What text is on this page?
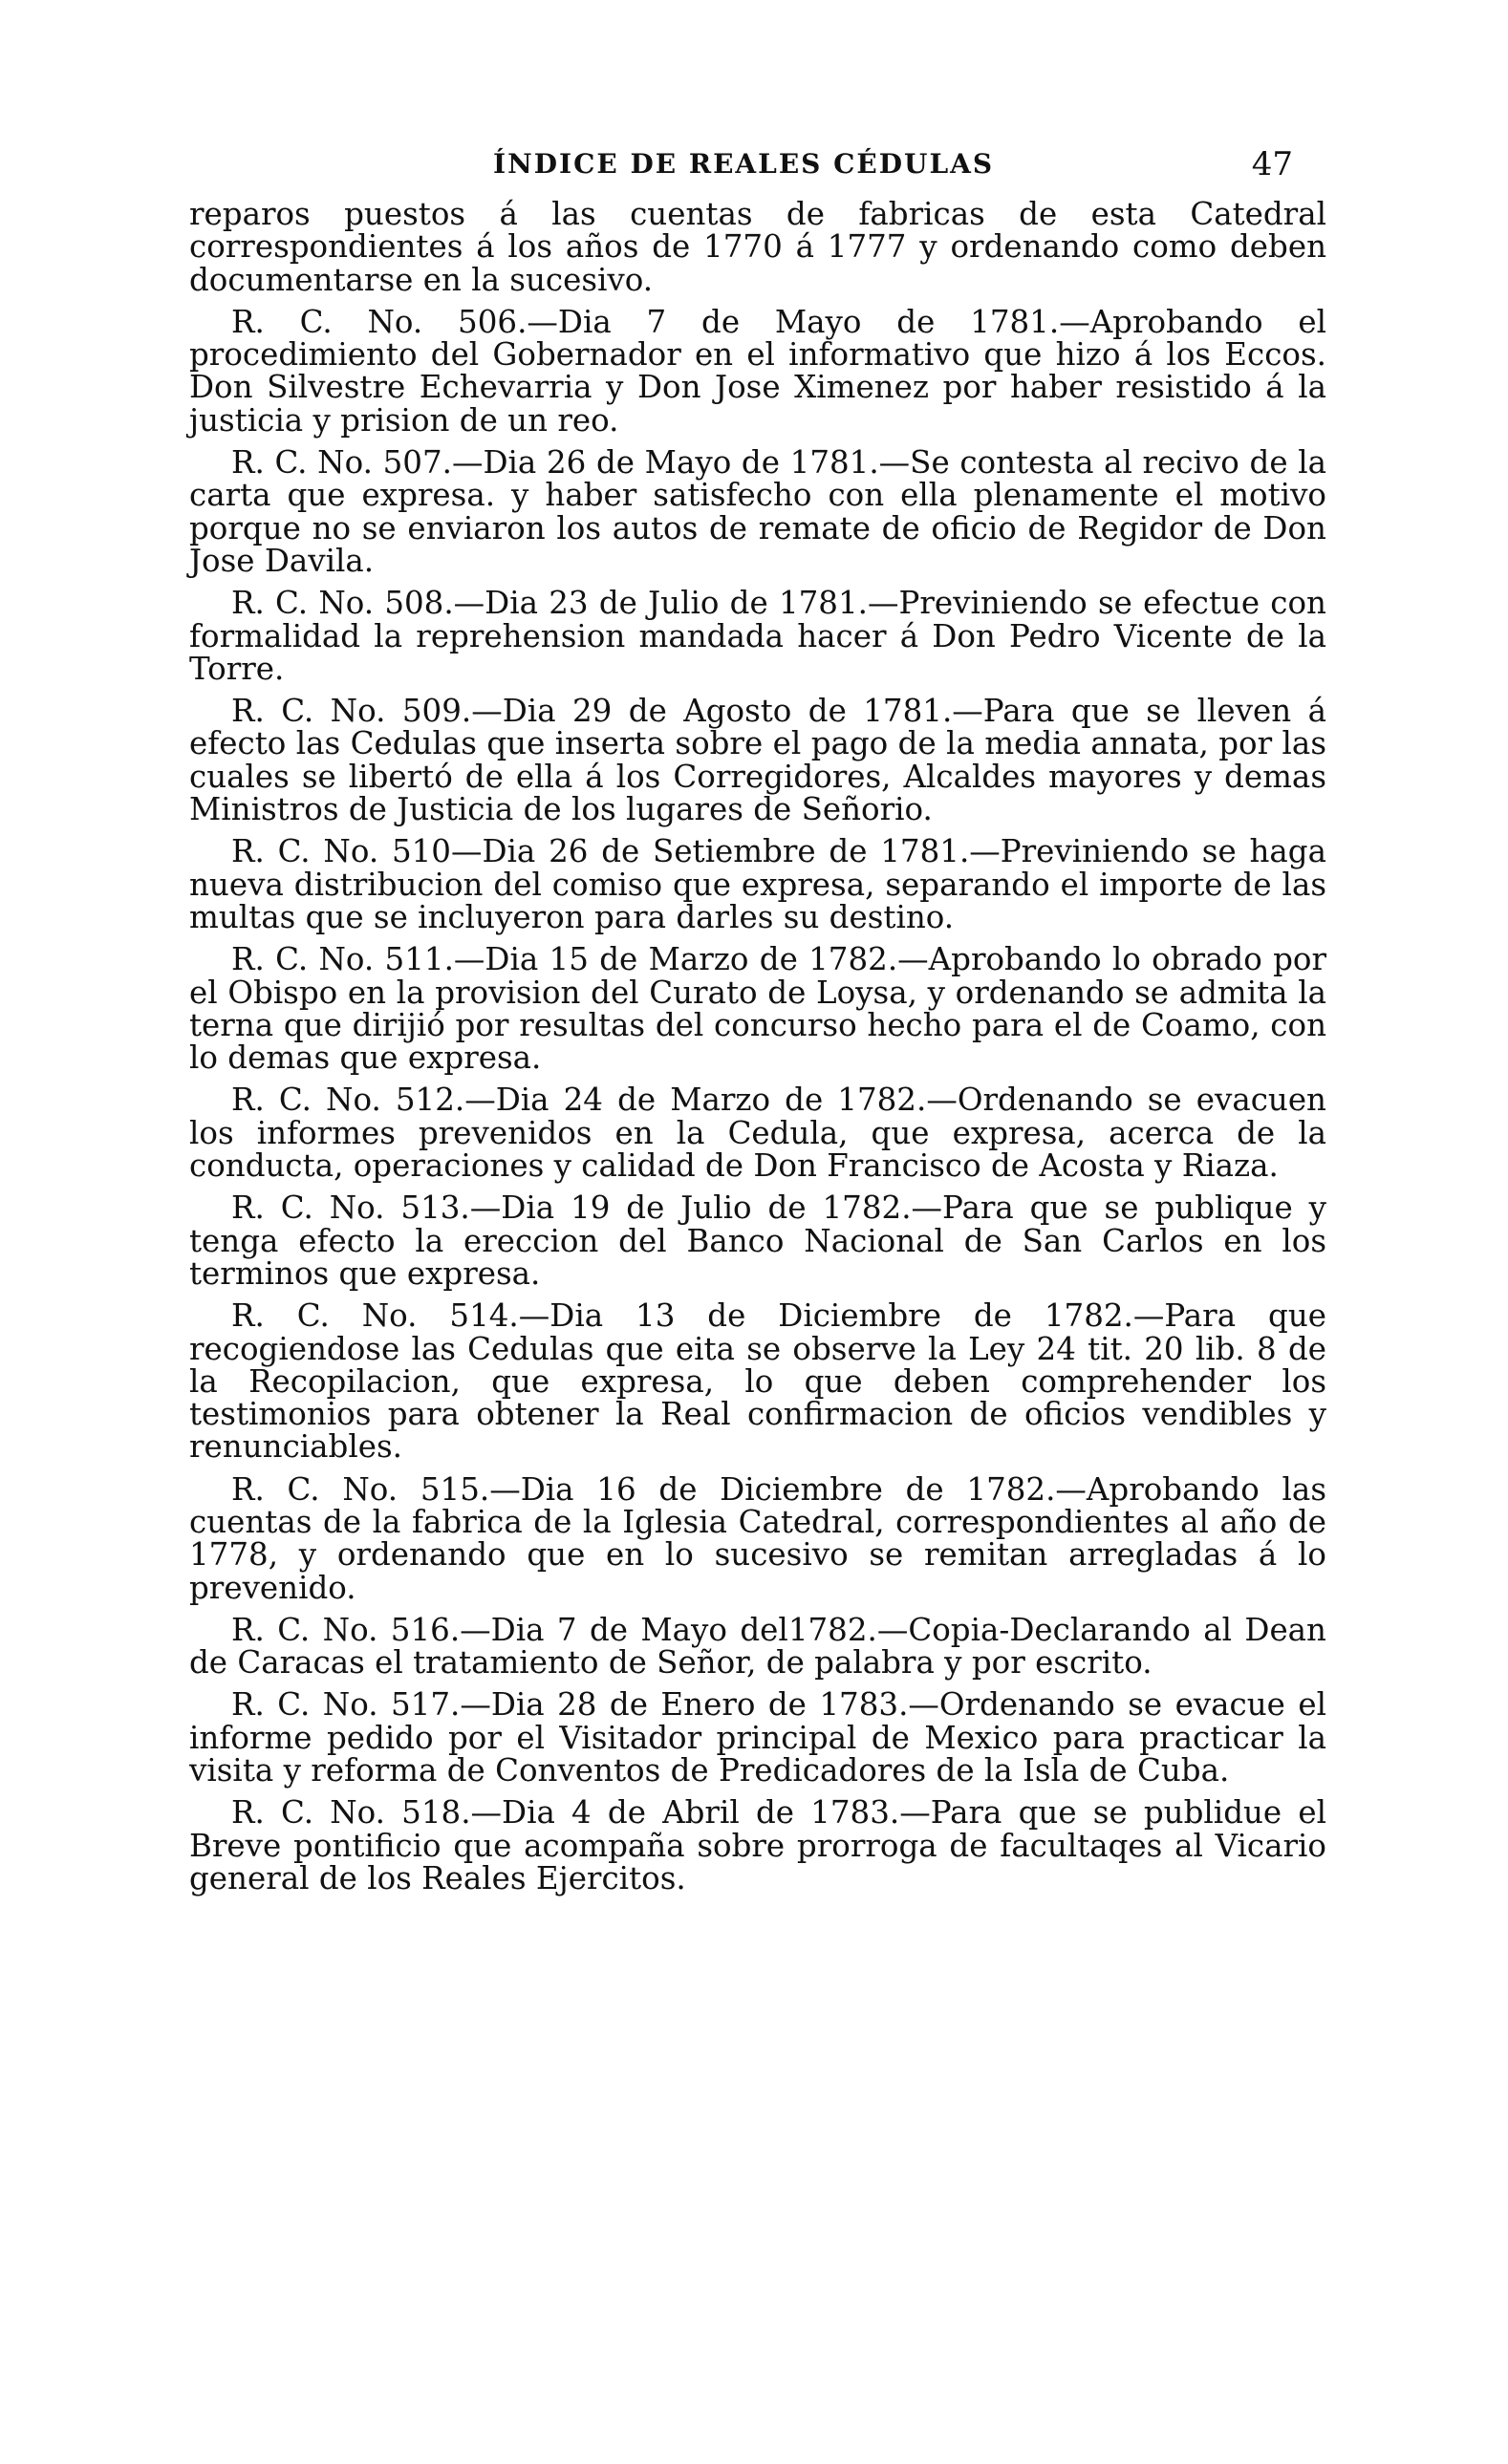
ÍNDICE DE REALES CÉDULAS	47

reparos puestos á las cuentas de fabricas de esta Catedral correspondientes á los años de 1770 á 1777 y ordenando como deben documentarse en la sucesivo.

R. C. No. 506.—Dia 7 de Mayo de 1781.—Aprobando el procedimiento del Gobernador en el informativo que hizo á los Eccos. Don Silvestre Echevarria y Don Jose Ximenez por haber resistido á la justicia y prision de un reo.

R. C. No. 507.—Dia 26 de Mayo de 1781.—Se contesta al recivo de la carta que expresa. y haber satisfecho con ella plenamente el motivo porque no se enviaron los autos de remate de oficio de Regidor de Don Jose Davila.

R. C. No. 508.—Dia 23 de Julio de 1781.—Previniendo se efectue con formalidad la reprehension mandada hacer á Don Pedro Vicente de la Torre.

R. C. No. 509.—Dia 29 de Agosto de 1781.—Para que se lleven á efecto las Cedulas que inserta sobre el pago de la media annata, por las cuales se libertó de ella á los Corregidores, Alcaldes mayores y demas Ministros de Justicia de los lugares de Señorio.

R. C. No. 510—Dia 26 de Setiembre de 1781.—Previniendo se haga nueva distribucion del comiso que expresa, separando el importe de las multas que se incluyeron para darles su destino.

R. C. No. 511.—Dia 15 de Marzo de 1782.—Aprobando lo obrado por el Obispo en la provision del Curato de Loysa, y ordenando se admita la terna que dirijió por resultas del concurso hecho para el de Coamo, con lo demas que expresa.

R. C. No. 512.—Dia 24 de Marzo de 1782.—Ordenando se evacuen los informes prevenidos en la Cedula, que expresa, acerca de la conducta, operaciones y calidad de Don Francisco de Acosta y Riaza.

R. C. No. 513.—Dia 19 de Julio de 1782.—Para que se publique y tenga efecto la ereccion del Banco Nacional de San Carlos en los terminos que expresa.

R. C. No. 514.—Dia 13 de Diciembre de 1782.—Para que recogiendose las Cedulas que eita se observe la Ley 24 tit. 20 lib. 8 de la Recopilacion, que expresa, lo que deben comprehender los testimonios para obtener la Real confirmacion de oficios vendibles y renunciables.

R. C. No. 515.—Dia 16 de Diciembre de 1782.—Aprobando las cuentas de la fabrica de la Iglesia Catedral, correspondientes al año de 1778, y ordenando que en lo sucesivo se remitan arregladas á lo prevenido.

R. C. No. 516.—Dia 7 de Mayo del1782.—Copia-Declarando al Dean de Caracas el tratamiento de Señor, de palabra y por escrito.

R. C. No. 517.—Dia 28 de Enero de 1783.—Ordenando se evacue el informe pedido por el Visitador principal de Mexico para practicar la visita y reforma de Conventos de Predicadores de la Isla de Cuba.

R. C. No. 518.—Dia 4 de Abril de 1783.—Para que se publidue el Breve pontificio que acompaña sobre prorroga de facultaqes al Vicario general de los Reales Ejercitos.
